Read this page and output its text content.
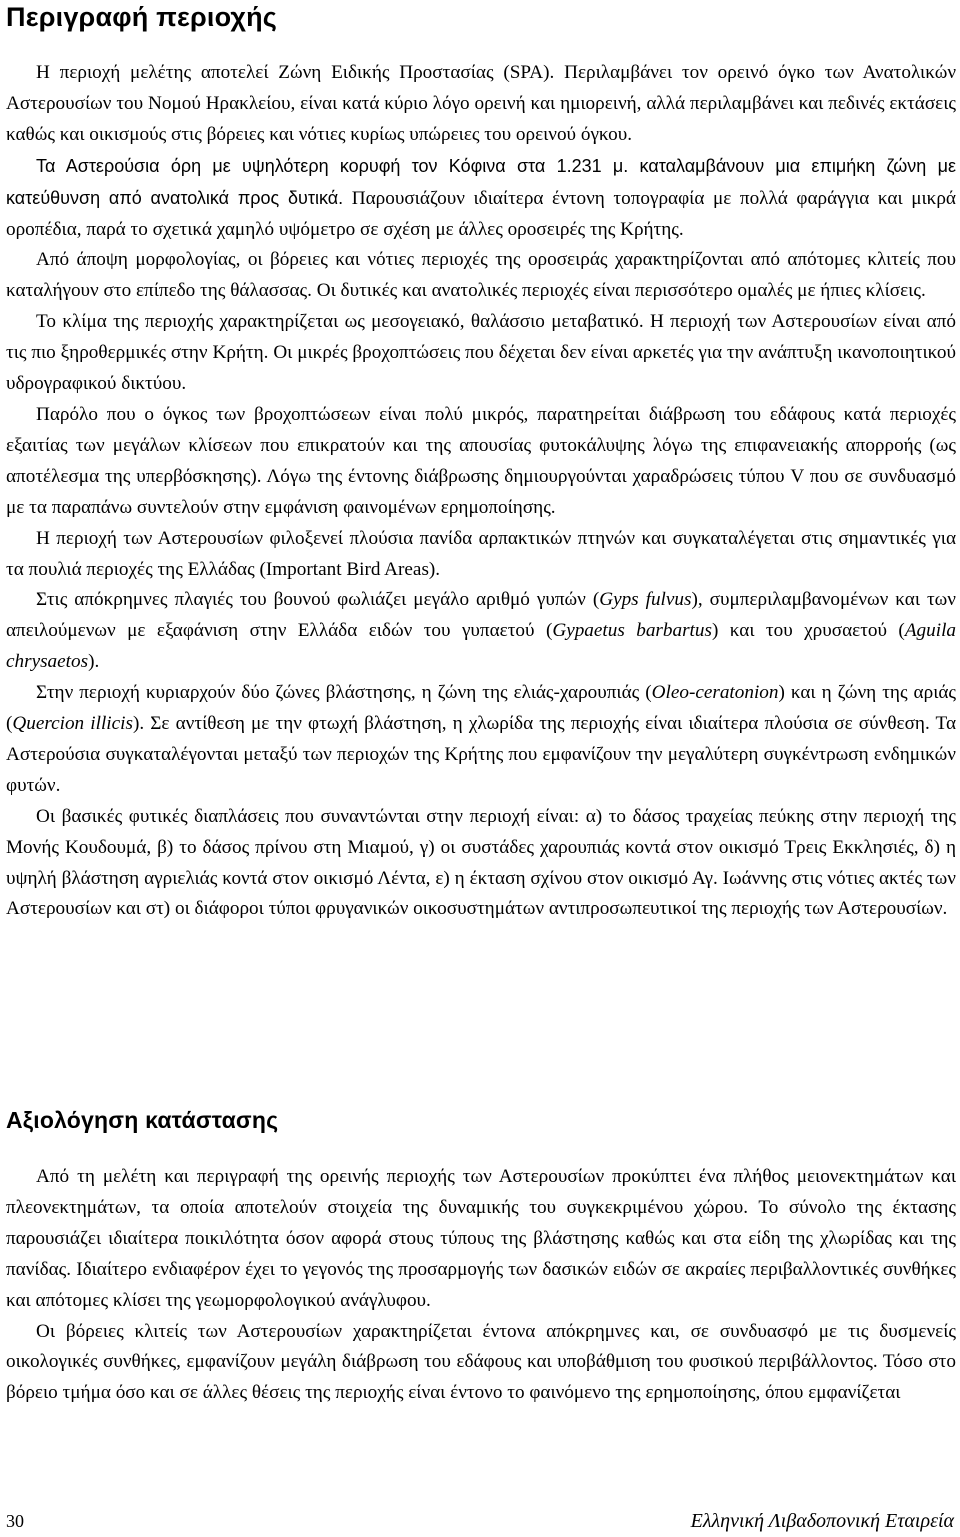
Περιγραφή περιοχής

Η περιοχή μελέτης αποτελεί Ζώνη Ειδικής Προστασίας (SPA). Περιλαμβάνει τον ορεινό όγκο των Ανατολικών Αστερουσίων του Νομού Ηρακλείου, είναι κατά κύριο λόγο ορεινή και ημιορεινή, αλλά περιλαμβάνει και πεδινές εκτάσεις καθώς και οικισμούς στις βόρειες και νότιες κυρίως υπώρειες του ορεινού όγκου.

Τα Αστερούσια όρη με υψηλότερη κορυφή τον Κόφινα στα 1.231 μ. καταλαμβάνουν μια επιμήκη ζώνη με κατεύθυνση από ανατολικά προς δυτικά. Παρουσιάζουν ιδιαίτερα έντονη τοπογραφία με πολλά φαράγγια και μικρά οροπέδια, παρά το σχετικά χαμηλό υψόμετρο σε σχέση με άλλες οροσειρές της Κρήτης.

Από άποψη μορφολογίας, οι βόρειες και νότιες περιοχές της οροσειράς χαρακτηρίζονται από απότομες κλιτείς που καταλήγουν στο επίπεδο της θάλασσας. Οι δυτικές και ανατολικές περιοχές είναι περισσότερο ομαλές με ήπιες κλίσεις.

Το κλίμα της περιοχής χαρακτηρίζεται ως μεσογειακό, θαλάσσιο μεταβατικό. Η περιοχή των Αστερουσίων είναι από τις πιο ξηροθερμικές στην Κρήτη. Οι μικρές βροχοπτώσεις που δέχεται δεν είναι αρκετές για την ανάπτυξη ικανοποιητικού υδρογραφικού δικτύου.

Παρόλο που ο όγκος των βροχοπτώσεων είναι πολύ μικρός, παρατηρείται διάβρωση του εδάφους κατά περιοχές εξαιτίας των μεγάλων κλίσεων που επικρατούν και της απουσίας φυτοκάλυψης λόγω της επιφανειακής απορροής (ως αποτέλεσμα της υπερβόσκησης). Λόγω της έντονης διάβρωσης δημιουργούνται χαραδρώσεις τύπου V που σε συνδυασμό με τα παραπάνω συντελούν στην εμφάνιση φαινομένων ερημοποίησης.

Η περιοχή των Αστερουσίων φιλοξενεί πλούσια πανίδα αρπακτικών πτηνών και συγκαταλέγεται στις σημαντικές για τα πουλιά περιοχές της Ελλάδας (Important Bird Areas).

Στις απόκρημνες πλαγιές του βουνού φωλιάζει μεγάλο αριθμό γυπών (Gyps fulvus), συμπεριλαμβανομένων και των απειλούμενων με εξαφάνιση στην Ελλάδα ειδών του γυπαετού (Gypaetus barbartus) και του χρυσαετού (Aguila chrysaetos).

Στην περιοχή κυριαρχούν δύο ζώνες βλάστησης, η ζώνη της ελιάς-χαρουπιάς (Oleo-ceratonion) και η ζώνη της αριάς (Quercion illicis). Σε αντίθεση με την φτωχή βλάστηση, η χλωρίδα της περιοχής είναι ιδιαίτερα πλούσια σε σύνθεση. Τα Αστερούσια συγκαταλέγονται μεταξύ των περιοχών της Κρήτης που εμφανίζουν την μεγαλύτερη συγκέντρωση ενδημικών φυτών.

Οι βασικές φυτικές διαπλάσεις που συναντώνται στην περιοχή είναι: α) το δάσος τραχείας πεύκης στην περιοχή της Μονής Κουδουμά, β) το δάσος πρίνου στη Μιαμού, γ) οι συστάδες χαρουπιάς κοντά στον οικισμό Τρεις Εκκλησιές, δ) η υψηλή βλάστηση αγριελιάς κοντά στον οικισμό Λέντα, ε) η έκταση σχίνου στον οικισμό Αγ. Ιωάννης στις νότιες ακτές των Αστερουσίων και στ) οι διάφοροι τύποι φρυγανικών οικοσυστημάτων αντιπροσωπευτικοί της περιοχής των Αστερουσίων.

Αξιολόγηση κατάστασης

Από τη μελέτη και περιγραφή της ορεινής περιοχής των Αστερουσίων προκύπτει ένα πλήθος μειονεκτημάτων και πλεονεκτημάτων, τα οποία αποτελούν στοιχεία της δυναμικής του συγκεκριμένου χώρου. Το σύνολο της έκτασης παρουσιάζει ιδιαίτερα ποικιλότητα όσον αφορά στους τύπους της βλάστησης καθώς και στα είδη της χλωρίδας και της πανίδας. Ιδιαίτερο ενδιαφέρον έχει το γεγονός της προσαρμογής των δασικών ειδών σε ακραίες περιβαλλοντικές συνθήκες και απότομες κλίσει της γεωμορφολογικού ανάγλυφου.

Οι βόρειες κλιτείς των Αστερουσίων χαρακτηρίζεται έντονα απόκρημνες και, σε συνδυασφό με τις δυσμενείς οικολογικές συνθήκες, εμφανίζουν μεγάλη διάβρωση του εδάφους και υποβάθμιση του φυσικού περιβάλλοντος. Τόσο στο βόρειο τμήμα όσο και σε άλλες θέσεις της περιοχής είναι έντονο το φαινόμενο της ερημοποίησης, όπου εμφανίζεται

30	Ελληνική Λιβαδοπονική Εταιρεία
